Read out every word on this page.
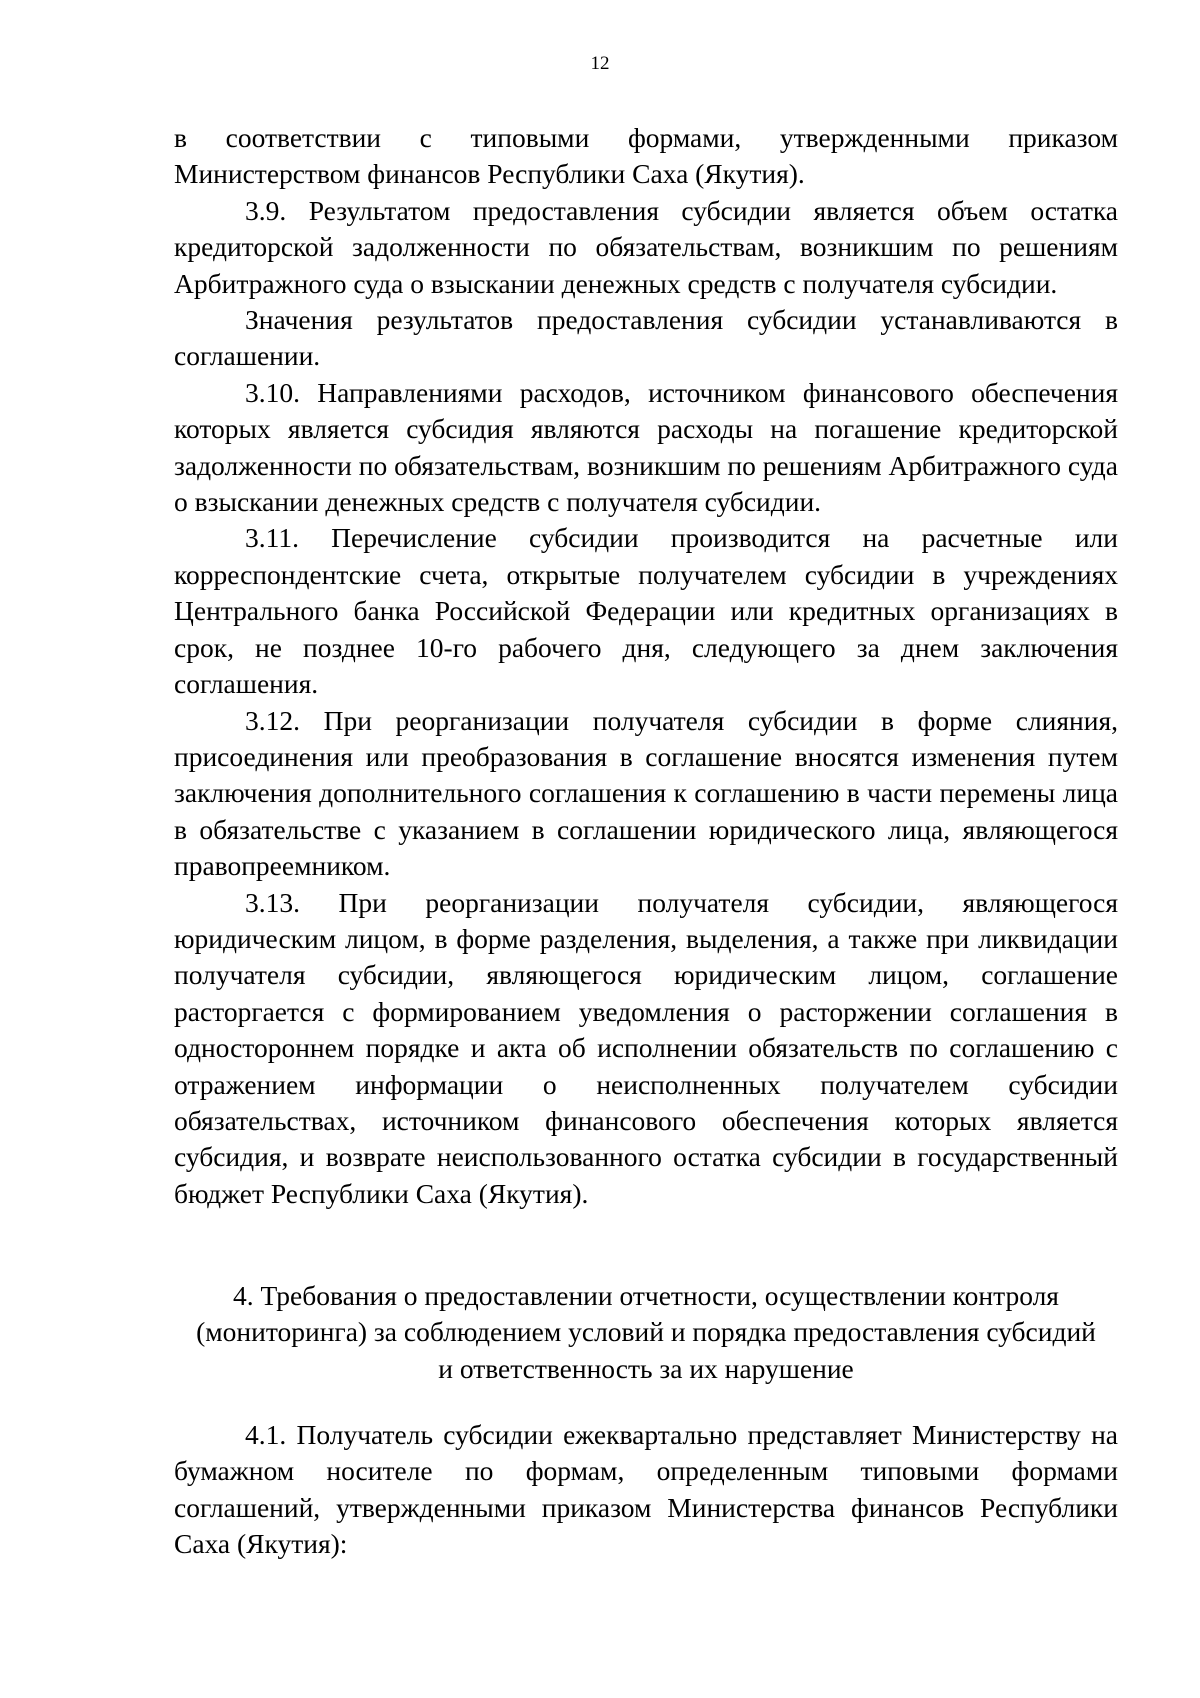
12

в соответствии с типовыми формами, утвержденными приказом Министерством финансов Республики Саха (Якутия).

3.9. Результатом предоставления субсидии является объем остатка кредиторской задолженности по обязательствам, возникшим по решениям Арбитражного суда о взыскании денежных средств с получателя субсидии.

Значения результатов предоставления субсидии устанавливаются в соглашении.

3.10. Направлениями расходов, источником финансового обеспечения которых является субсидия являются расходы на погашение кредиторской задолженности по обязательствам, возникшим по решениям Арбитражного суда о взыскании денежных средств с получателя субсидии.

3.11. Перечисление субсидии производится на расчетные или корреспондентские счета, открытые получателем субсидии в учреждениях Центрального банка Российской Федерации или кредитных организациях в срок, не позднее 10-го рабочего дня, следующего за днем заключения соглашения.

3.12. При реорганизации получателя субсидии в форме слияния, присоединения или преобразования в соглашение вносятся изменения путем заключения дополнительного соглашения к соглашению в части перемены лица в обязательстве с указанием в соглашении юридического лица, являющегося правопреемником.

3.13. При реорганизации получателя субсидии, являющегося юридическим лицом, в форме разделения, выделения, а также при ликвидации получателя субсидии, являющегося юридическим лицом, соглашение расторгается с формированием уведомления о расторжении соглашения в одностороннем порядке и акта об исполнении обязательств по соглашению с отражением информации о неисполненных получателем субсидии обязательствах, источником финансового обеспечения которых является субсидия, и возврате неиспользованного остатка субсидии в государственный бюджет Республики Саха (Якутия).

4. Требования о предоставлении отчетности, осуществлении контроля
(мониторинга) за соблюдением условий и порядка предоставления субсидий
и ответственность за их нарушение

4.1. Получатель субсидии ежеквартально представляет Министерству на бумажном носителе по формам, определенным типовыми формами соглашений, утвержденными приказом Министерства финансов Республики Саха (Якутия):
